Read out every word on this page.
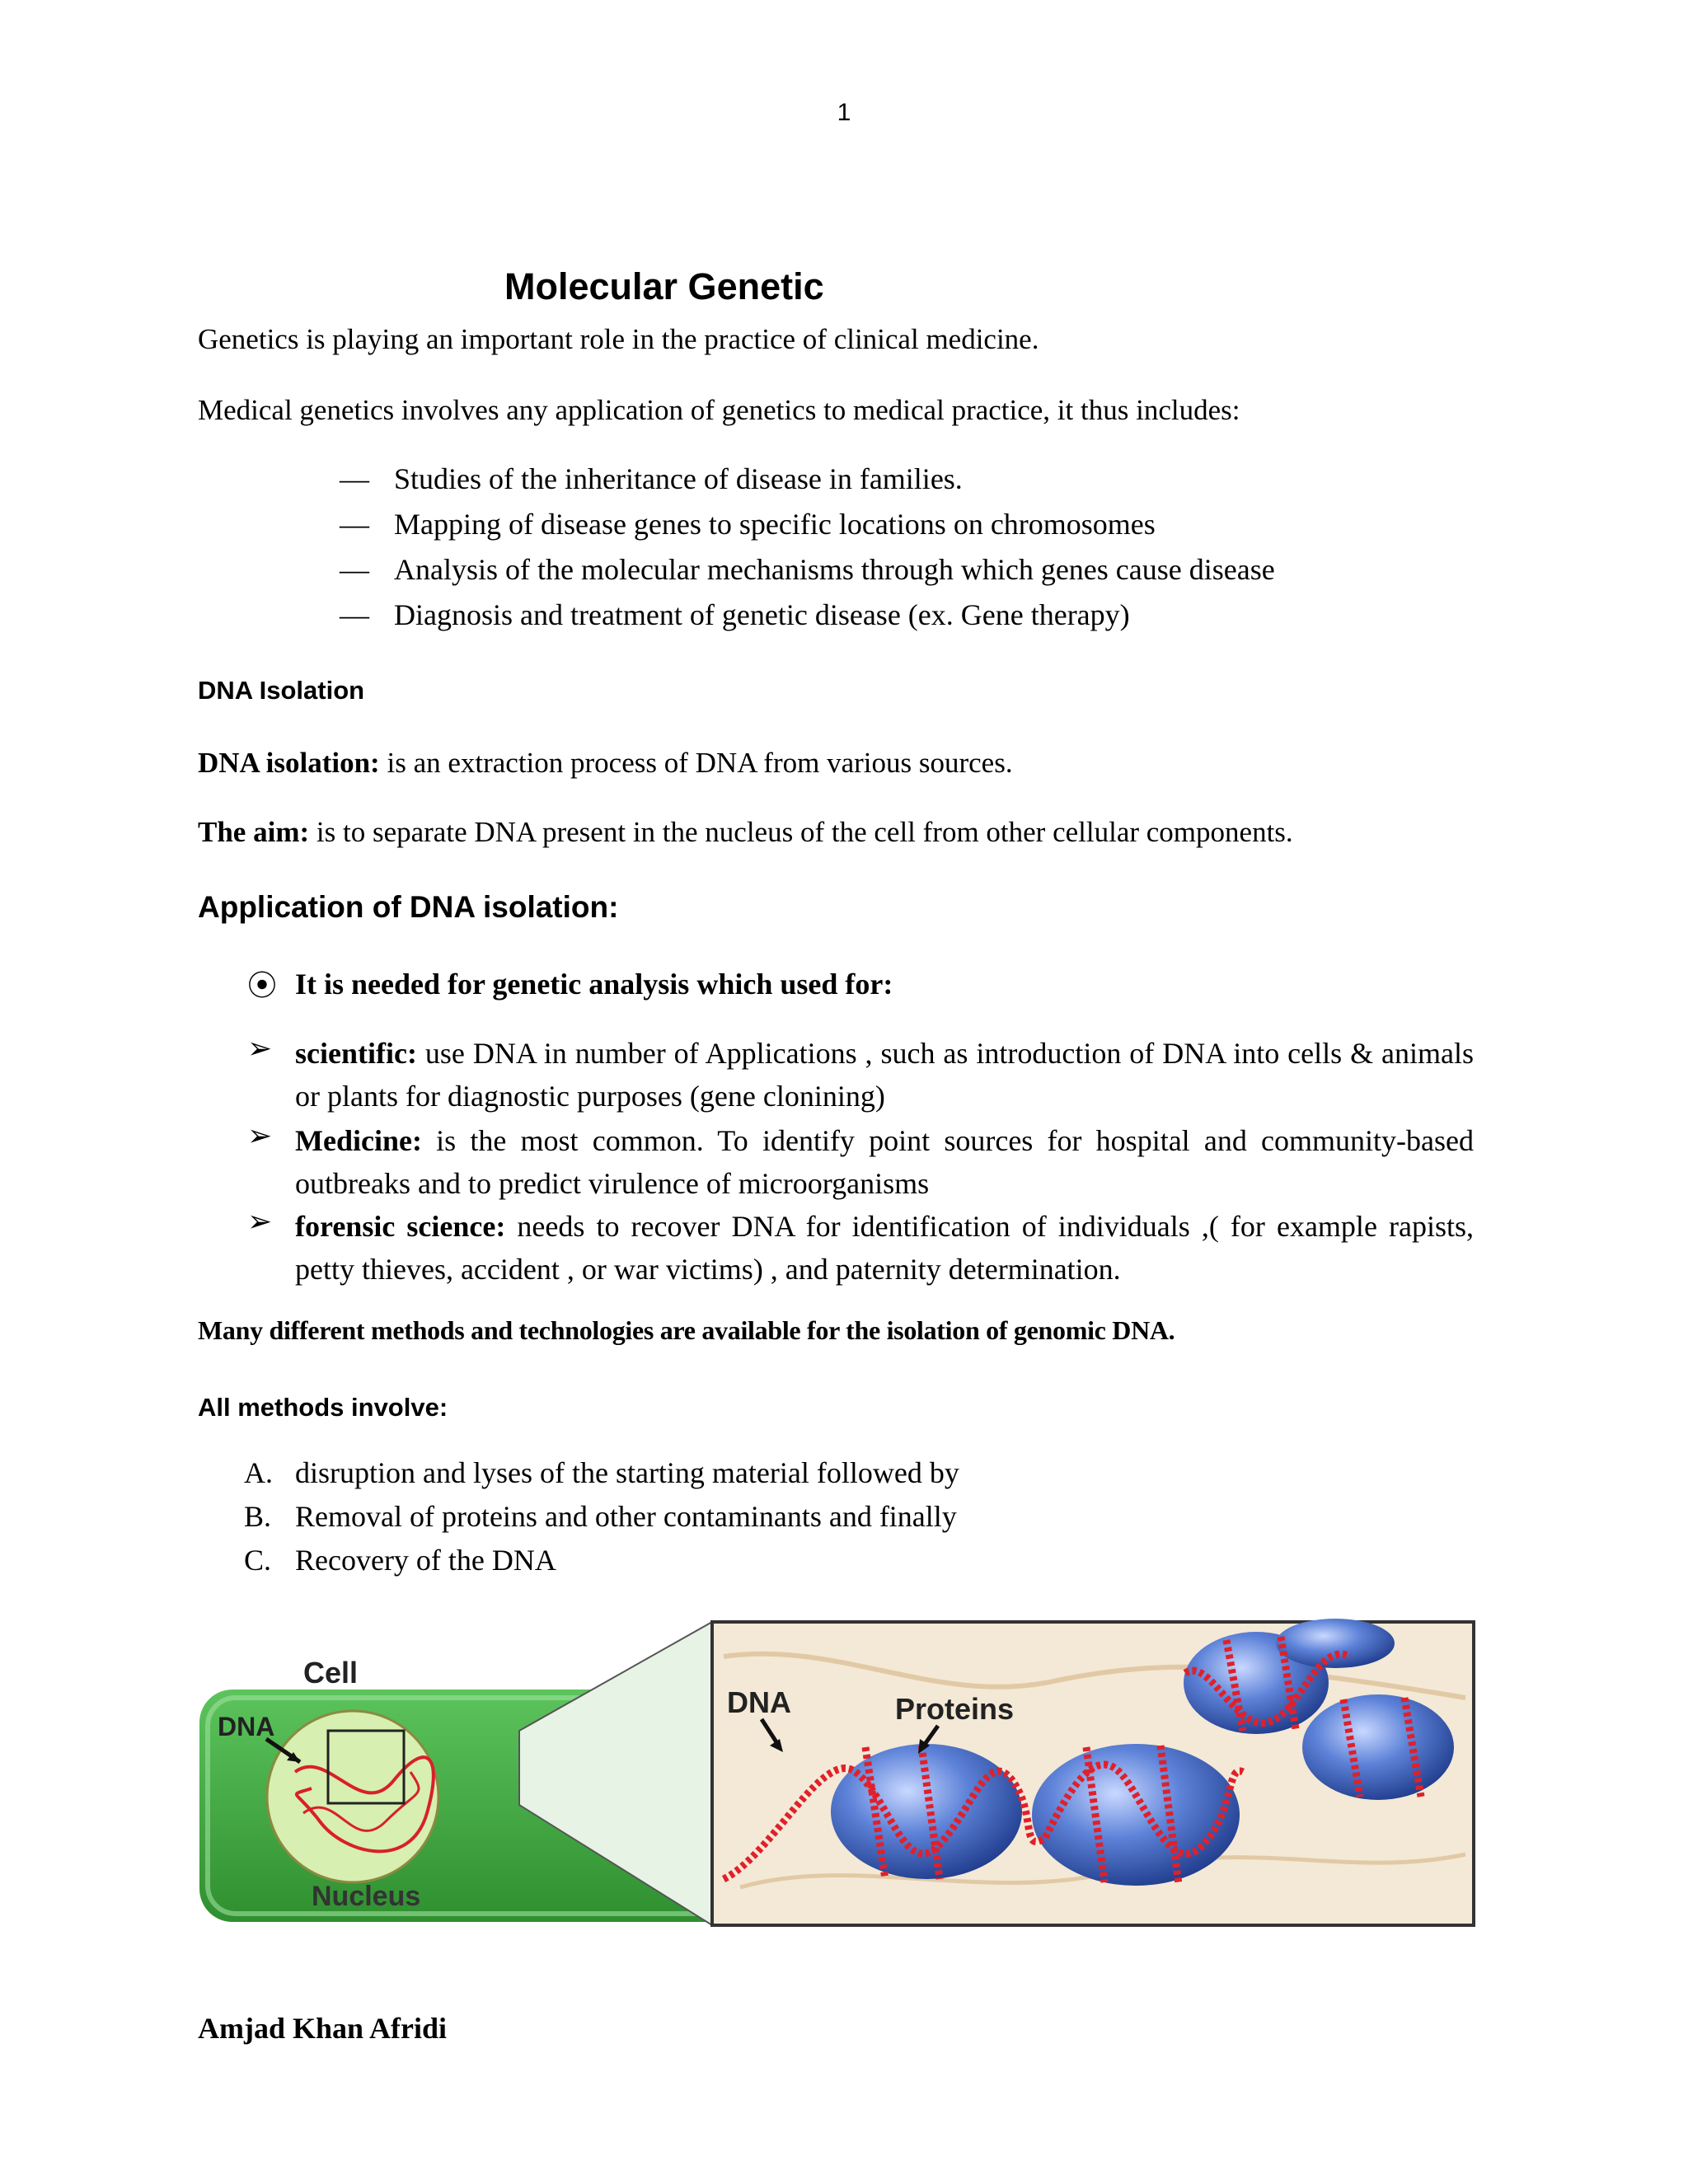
1
Molecular Genetic
Genetics is playing an important role in the practice of clinical medicine.
Medical genetics involves any application of genetics to medical practice, it thus includes:
— Studies of the inheritance of disease in families.
— Mapping of disease genes to specific locations on chromosomes
— Analysis of the molecular mechanisms through which genes cause disease
— Diagnosis and treatment of genetic disease (ex. Gene therapy)
DNA Isolation
DNA isolation: is an extraction process of DNA from various sources.
The aim: is to separate DNA present in the nucleus of the cell from other cellular components.
Application of DNA isolation:
⦿ It is needed for genetic analysis which used for:
➢ scientific: use DNA in number of Applications , such as introduction of DNA into cells & animals or plants for diagnostic purposes (gene clonining)
➢ Medicine: is the most common. To identify point sources for hospital and community-based outbreaks and to predict virulence of microorganisms
➢ forensic science: needs to recover DNA for identification of individuals ,( for example rapists, petty thieves, accident , or war victims) , and paternity determination.
Many different methods and technologies are available for the isolation of genomic DNA.
All methods involve:
A. disruption and lyses of the starting material followed by
B. Removal of proteins and other contaminants and finally
C. Recovery of the DNA
Cell
DNA
Nucleus
DNA	Proteins
Amjad Khan Afridi
